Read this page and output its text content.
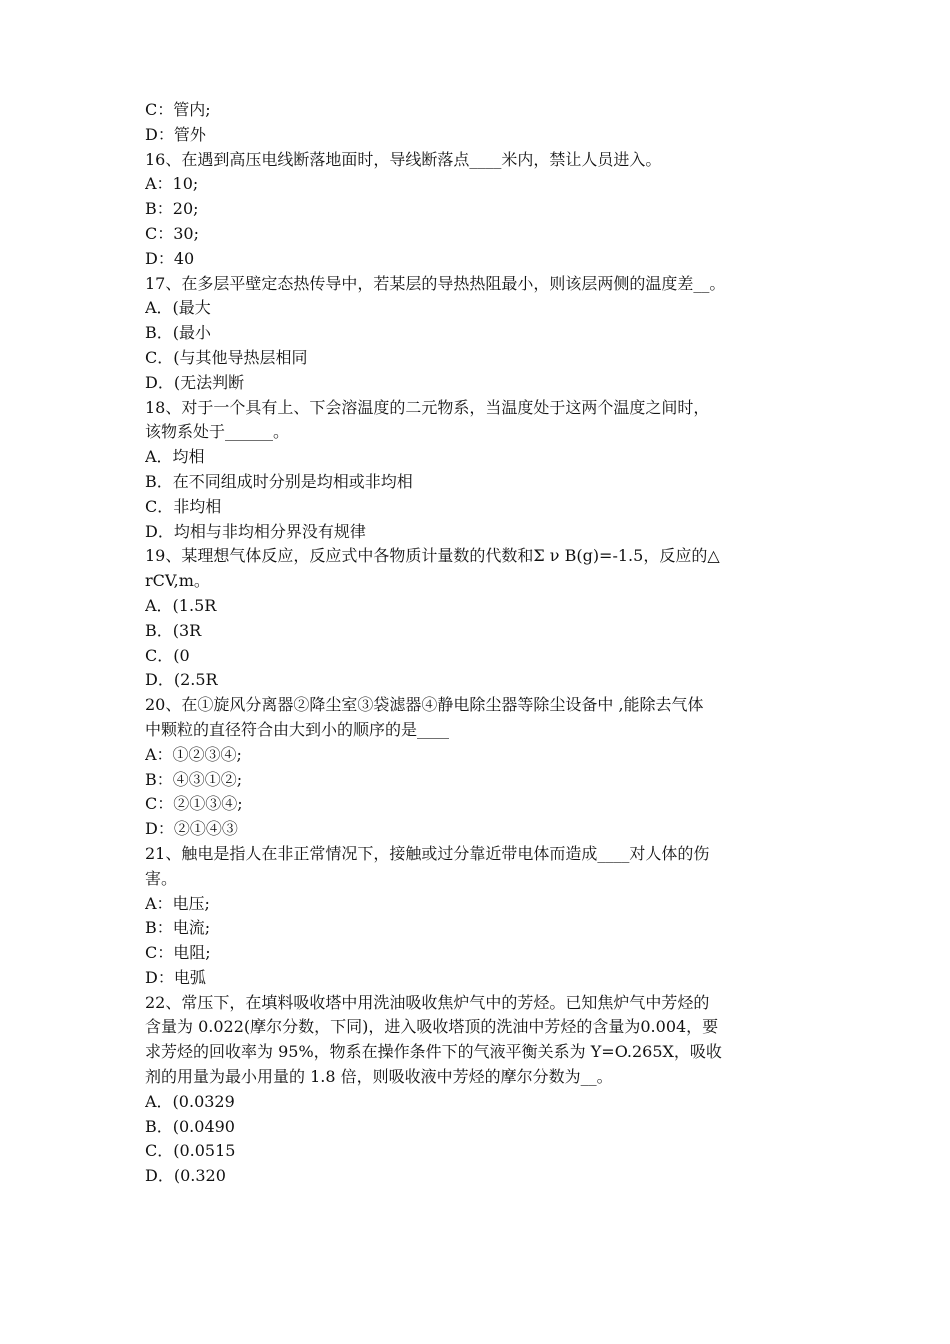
C：管内;
D：管外
16、在遇到高压电线断落地面时，导线断落点____米内，禁让人员进入。
A：10;
B：20;
C：30;
D：40
17、在多层平壁定态热传导中，若某层的导热热阻最小，则该层两侧的温度差__。
A．(最大
B．(最小
C．(与其他导热层相同
D．(无法判断
18、对于一个具有上、下会溶温度的二元物系，当温度处于这两个温度之间时，
该物系处于______。
A．均相
B．在不同组成时分别是均相或非均相
C．非均相
D．均相与非均相分界没有规律
19、某理想气体反应，反应式中各物质计量数的代数和Σ ν B(g)=-1.5，反应的△
rCV,m。
A．(1.5R
B．(3R
C．(0
D．(2.5R
20、在①旋风分离器②降尘室③袋滤器④静电除尘器等除尘设备中 ,能除去气体
中颗粒的直径符合由大到小的顺序的是____
A：①②③④;
B：④③①②;
C：②①③④;
D：②①④③
21、触电是指人在非正常情况下，接触或过分靠近带电体而造成____对人体的伤
害。
A：电压;
B：电流;
C：电阻;
D：电弧
22、常压下，在填料吸收塔中用洗油吸收焦炉气中的芳烃。已知焦炉气中芳烃的
含量为 0.022(摩尔分数，下同)，进入吸收塔顶的洗油中芳烃的含量为0.004，要
求芳烃的回收率为 95%，物系在操作条件下的气液平衡关系为 Y=O.265X，吸收
剂的用量为最小用量的 1.8 倍，则吸收液中芳烃的摩尔分数为__。
A．(0.0329
B．(0.0490
C．(0.0515
D．(0.320
